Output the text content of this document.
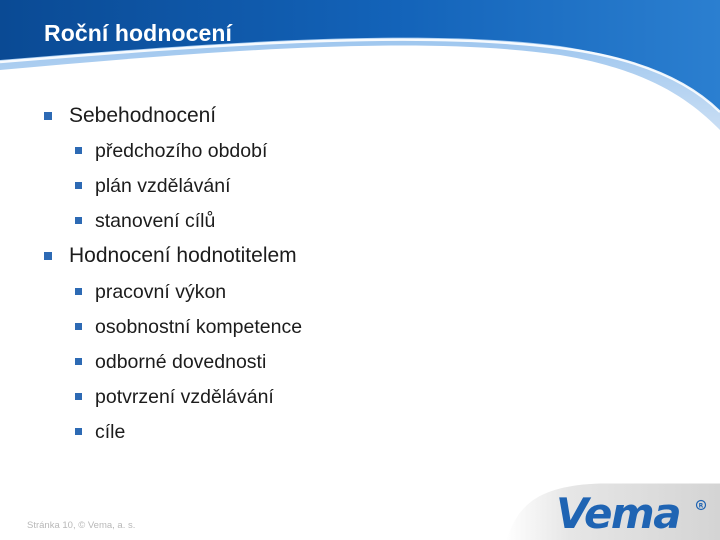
Roční hodnocení
Sebehodnocení
předchozího období
plán vzdělávání
stanovení cílů
Hodnocení hodnotitelem
pracovní výkon
osobnostní kompetence
odborné dovednosti
potvrzení vzdělávání
cíle
Vema	R
Stránka 10, © Vema, a. s.
